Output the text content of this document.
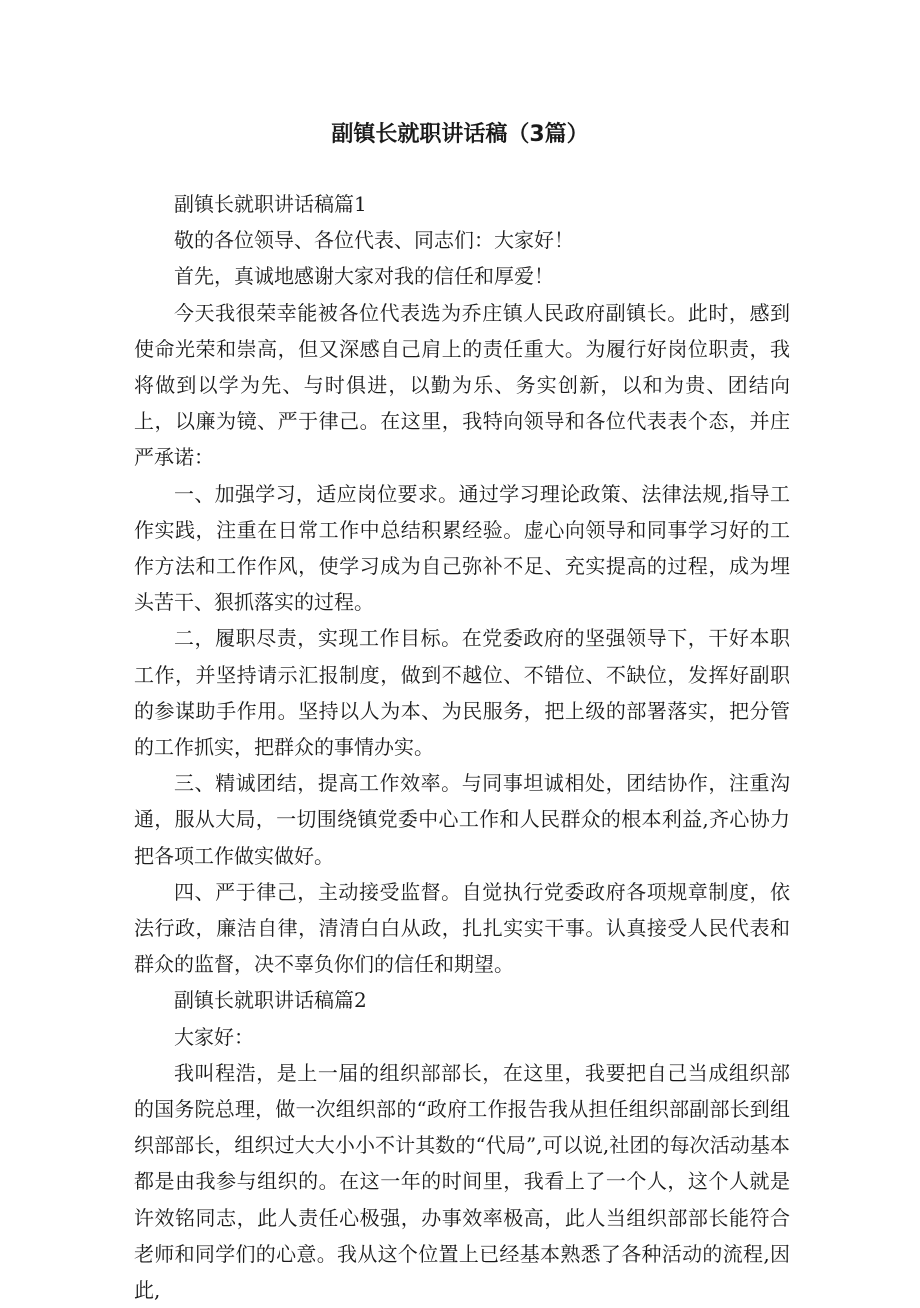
副镇长就职讲话稿（3篇）

副镇长就职讲话稿篇1

敬的各位领导、各位代表、同志们：大家好！

首先，真诚地感谢大家对我的信任和厚爱！

今天我很荣幸能被各位代表选为乔庄镇人民政府副镇长。此时，感到使命光荣和崇高，但又深感自己肩上的责任重大。为履行好岗位职责，我将做到以学为先、与时俱进，以勤为乐、务实创新，以和为贵、团结向上，以廉为镜、严于律己。在这里，我特向领导和各位代表表个态，并庄严承诺：

一、加强学习，适应岗位要求。通过学习理论政策、法律法规,指导工作实践，注重在日常工作中总结积累经验。虚心向领导和同事学习好的工作方法和工作作风，使学习成为自己弥补不足、充实提高的过程，成为埋头苦干、狠抓落实的过程。

二，履职尽责，实现工作目标。在党委政府的坚强领导下，干好本职工作，并坚持请示汇报制度，做到不越位、不错位、不缺位，发挥好副职的参谋助手作用。坚持以人为本、为民服务，把上级的部署落实，把分管的工作抓实，把群众的事情办实。

三、精诚团结，提高工作效率。与同事坦诚相处，团结协作，注重沟通，服从大局，一切围绕镇党委中心工作和人民群众的根本利益,齐心协力把各项工作做实做好。

四、严于律己，主动接受监督。自觉执行党委政府各项规章制度，依法行政，廉洁自律，清清白白从政，扎扎实实干事。认真接受人民代表和群众的监督，决不辜负你们的信任和期望。

副镇长就职讲话稿篇2

大家好：

我叫程浩，是上一届的组织部部长，在这里，我要把自己当成组织部的国务院总理，做一次组织部的“政府工作报告我从担任组织部副部长到组织部部长，组织过大大小小不计其数的“代局”,可以说,社团的每次活动基本都是由我参与组织的。在这一年的时间里，我看上了一个人，这个人就是许效铭同志，此人责任心极强，办事效率极高，此人当组织部部长能符合老师和同学们的心意。我从这个位置上已经基本熟悉了各种活动的流程,因此,
